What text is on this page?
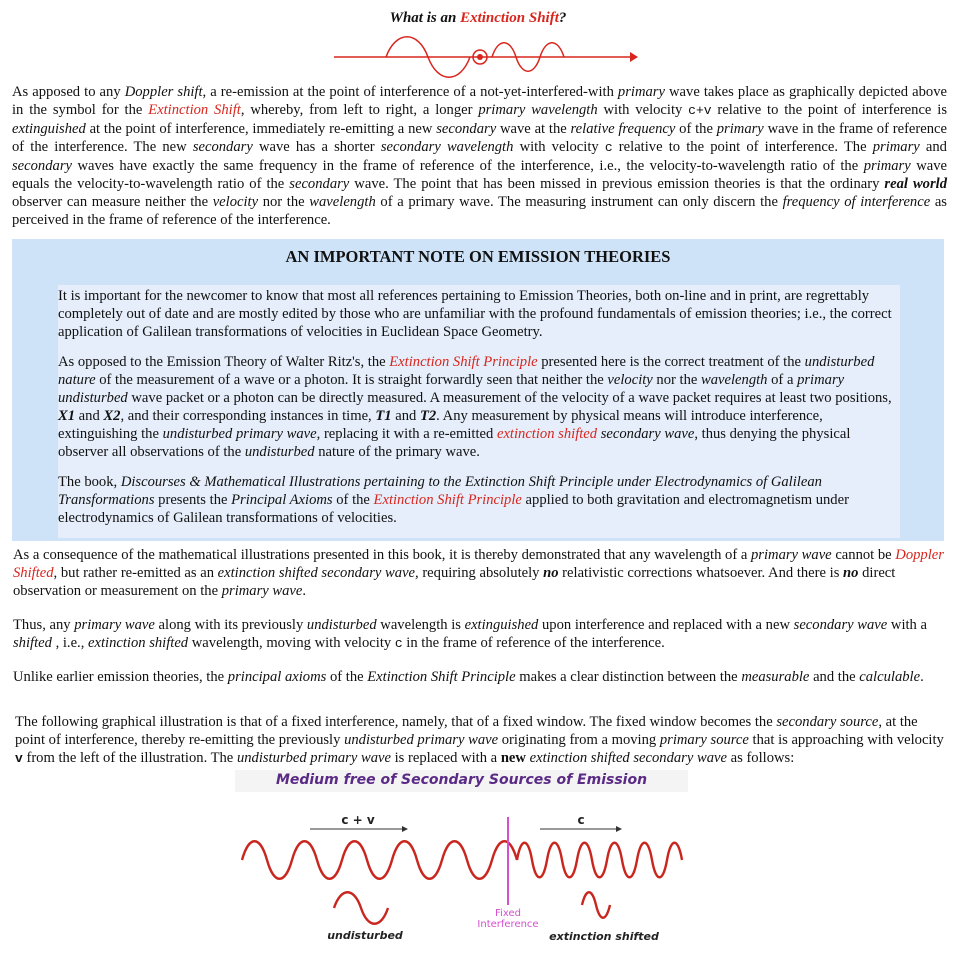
What is an Extinction Shift?

As apposed to any Doppler shift, a re-emission at the point of interference of a not-yet-interfered-with primary wave takes place as graphically depicted above in the symbol for the Extinction Shift, whereby, from left to right, a longer primary wavelength with velocity c+v relative to the point of interference is extinguished at the point of interference, immediately re-emitting a new secondary wave at the relative frequency of the primary wave in the frame of reference of the interference. The new secondary wave has a shorter secondary wavelength with velocity c relative to the point of interference. The primary and secondary waves have exactly the same frequency in the frame of reference of the interference, i.e., the velocity-to-wavelength ratio of the primary wave equals the velocity-to-wavelength ratio of the secondary wave. The point that has been missed in previous emission theories is that the ordinary real world observer can measure neither the velocity nor the wavelength of a primary wave. The measuring instrument can only discern the frequency of interference as perceived in the frame of reference of the interference.

AN IMPORTANT NOTE ON EMISSION THEORIES

It is important for the newcomer to know that most all references pertaining to Emission Theories, both on-line and in print, are regrettably completely out of date and are mostly edited by those who are unfamiliar with the profound fundamentals of emission theories; i.e., the correct application of Galilean transformations of velocities in Euclidean Space Geometry.

As opposed to the Emission Theory of Walter Ritz's, the Extinction Shift Principle presented here is the correct treatment of the undisturbed nature of the measurement of a wave or a photon. It is straight forwardly seen that neither the velocity nor the wavelength of a primary undisturbed wave packet or a photon can be directly measured. A measurement of the velocity of a wave packet requires at least two positions, X1 and X2, and their corresponding instances in time, T1 and T2. Any measurement by physical means will introduce interference, extinguishing the undisturbed primary wave, replacing it with a re-emitted extinction shifted secondary wave, thus denying the physical observer all observations of the undisturbed nature of the primary wave.

The book, Discourses & Mathematical Illustrations pertaining to the Extinction Shift Principle under Electrodynamics of Galilean Transformations presents the Principal Axioms of the Extinction Shift Principle applied to both gravitation and electromagnetism under electrodynamics of Galilean transformations of velocities.

As a consequence of the mathematical illustrations presented in this book, it is thereby demonstrated that any wavelength of a primary wave cannot be Doppler Shifted, but rather re-emitted as an extinction shifted secondary wave, requiring absolutely no relativistic corrections whatsoever. And there is no direct observation or measurement on the primary wave.

Thus, any primary wave along with its previously undisturbed wavelength is extinguished upon interference and replaced with a new secondary wave with a shifted , i.e., extinction shifted wavelength, moving with velocity c in the frame of reference of the interference.

Unlike earlier emission theories, the principal axioms of the Extinction Shift Principle makes a clear distinction between the measurable and the calculable.

The following graphical illustration is that of a fixed interference, namely, that of a fixed window. The fixed window becomes the secondary source, at the point of interference, thereby re-emitting the previously undisturbed primary wave originating from a moving primary source that is approaching with velocity v from the left of the illustration. The undisturbed primary wave is replaced with a new extinction shifted secondary wave as follows:

Medium free of Secondary Sources of Emission
c + v	c
Fixed
Interference
undisturbed	extinction shifted
